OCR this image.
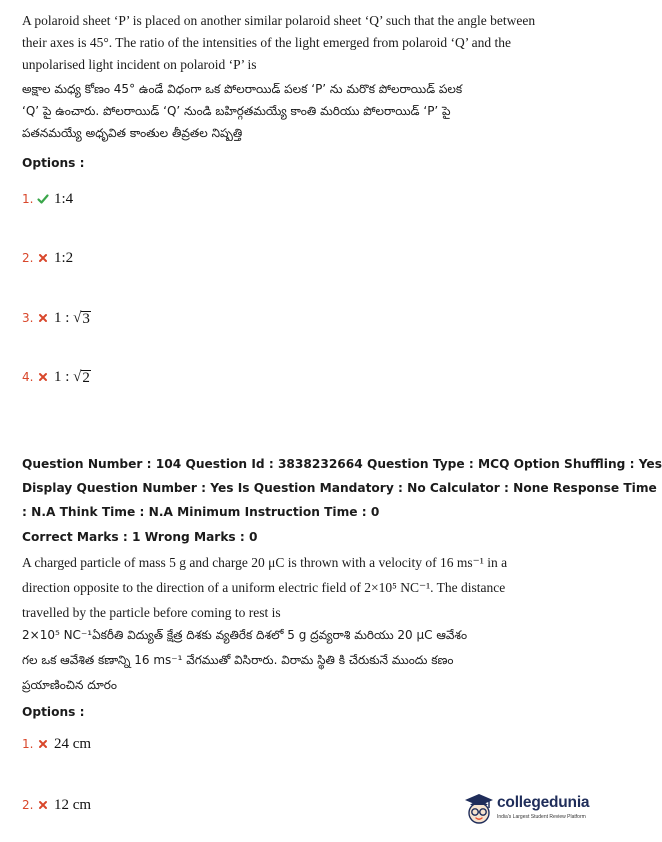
A polaroid sheet ‘P’ is placed on another similar polaroid sheet ‘Q’ such that the angle between
their axes is 45°. The ratio of the intensities of the light emerged from polaroid ‘Q’ and the
unpolarised light incident on polaroid ‘P’ is
అక్షాల మధ్య కోణం 45° ఉండే విధంగా ఒక పోలరాయిడ్ పలక ‘P’ ను మరొక పోలరాయిడ్ పలక
‘Q’ పై ఉంచారు. పోలరాయిడ్ ‘Q’ నుండి బహిర్గతమయ్యే కాంతి మరియు పోలరాయిడ్ ‘P’ పై
పతనమయ్యే అధృవిత కాంతుల తీవ్రతల నిష్పత్తి
Options :
1. 1:4
2. 1:2
3. 1 : √ 3
4. 1 : √ 2
Question Number : 104 Question Id : 3838232664 Question Type : MCQ Option Shuffling : Yes
Display Question Number : Yes Is Question Mandatory : No Calculator : None Response Time
: N.A Think Time : N.A Minimum Instruction Time : 0
Correct Marks : 1 Wrong Marks : 0
A charged particle of mass 5 g and charge 20 μC is thrown with a velocity of 16 ms⁻¹ in a
direction opposite to the direction of a uniform electric field of 2×10⁵ NC⁻¹. The distance
travelled by the particle before coming to rest is
2×10⁵ NC⁻¹ఏకరీతి విద్యుత్ క్షేత్ర దిశకు వ్యతిరేక దిశలో 5 g ద్రవ్యరాశి మరియు 20 μC ఆవేశం
గల ఒక ఆవేశిత కణాన్ని 16 ms⁻¹ వేగముతో విసిరారు. విరామ స్థితి కి చేరుకునే ముందు కణం
ప్రయాణించిన దూరం
Options :
1. 24 cm
2. 12 cm	collegedunia
India's Largest Student Review Platform
